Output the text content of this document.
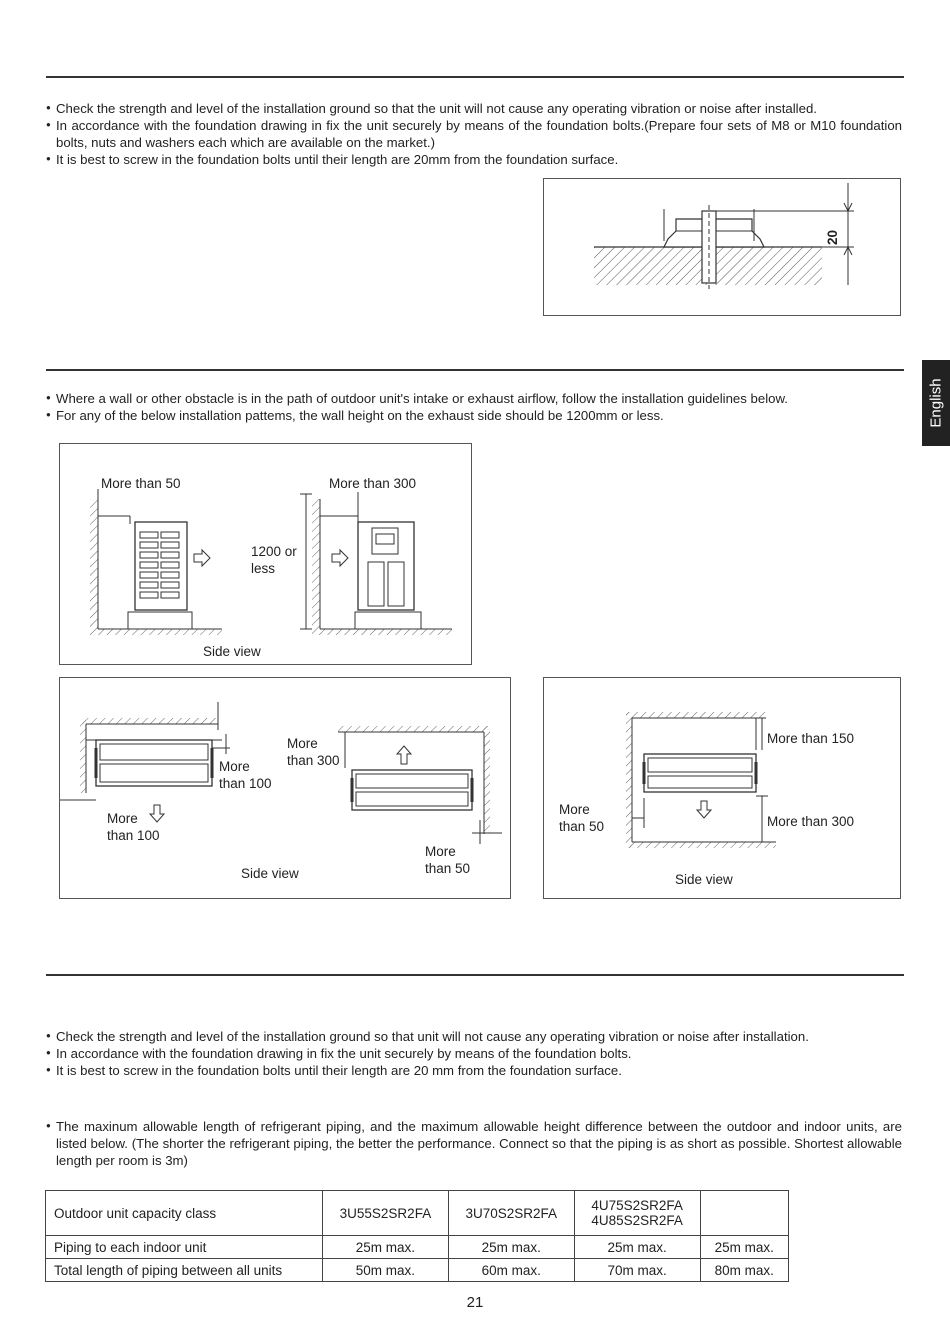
English
● Check the strength and level of the installation ground so that the unit will not cause any operating vibration or noise after installed.
● In accordance with the foundation drawing in fix the unit securely by means of the foundation bolts.(Prepare four sets of M8 or M10 foundation bolts, nuts and washers each which are available on the market.)
● It is best to screw in the foundation bolts until their length are 20mm from the foundation surface.
20
● Where a wall or other obstacle is in the path of outdoor unit's intake or exhaust airflow, follow the installation guidelines below.
● For any of the below installation pattems, the wall height on the exhaust side should be 1200mm or less.
More than 50	More than 300
1200 or
less
Side view
More
than 100
More
than 100
More
than 300
More
than 50
Side view
More than 150
More than 300
More
than 50
Side view
● Check the strength and level of the installation ground so that unit will not cause any operating vibration or noise after installation.
● In accordance with the foundation drawing in fix the unit securely by means of the foundation bolts.
● It is best to screw in the foundation bolts until their length are 20 mm from the foundation surface.
● The maxinum allowable length of refrigerant piping, and the maximum allowable height difference between the outdoor and indoor units, are listed below. (The shorter the refrigerant piping, the better the performance. Connect so that the piping is as short as possible. Shortest allowable length per room is 3m)
Outdoor unit capacity class	3U55S2SR2FA	3U70S2SR2FA	4U75S2SR2FA
4U85S2SR2FA	

Piping to each indoor unit	25m max.	25m max.	25m max.	25m max.
Total length of piping between all units	50m max.	60m max.	70m max.	80m max.
21
